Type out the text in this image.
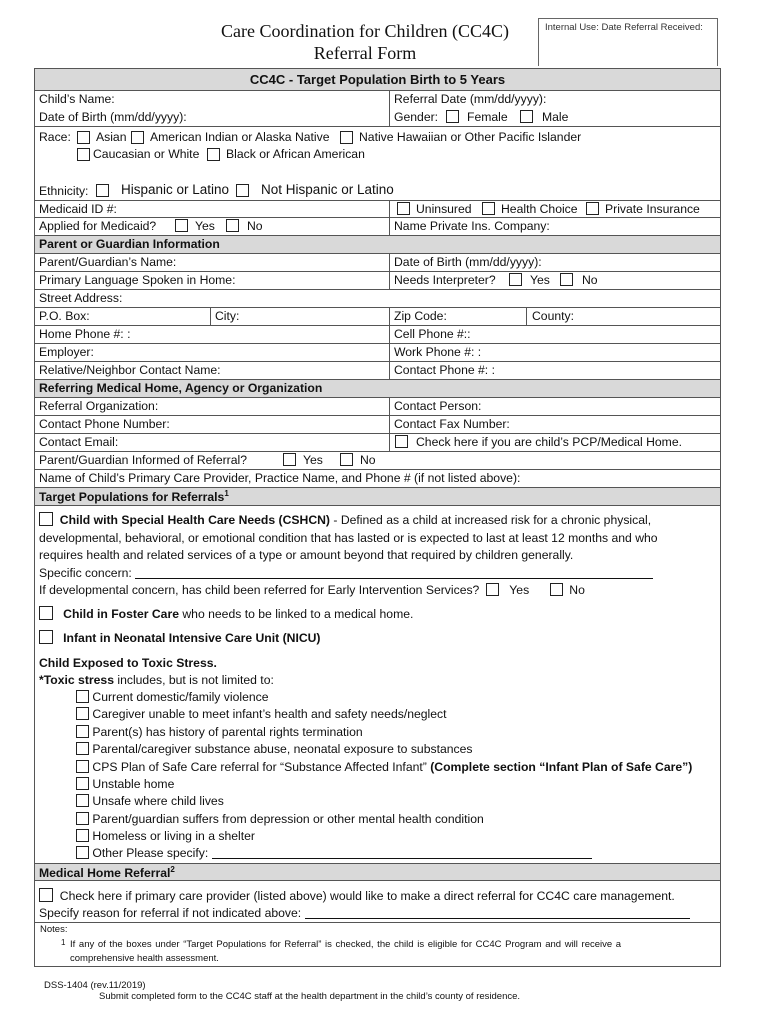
Care Coordination for Children (CC4C)
Referral Form
Internal Use: Date Referral Received:
CC4C - Target Population Birth to 5 Years
Child’s Name:	Referral Date (mm/dd/yyyy):
Date of Birth (mm/dd/yyyy):	Gender: Female	Male
Race: Asian American Indian or Alaska Native Native Hawaiian or Other Pacific Islander
Caucasian or White Black or African American
Ethnicity: Hispanic or Latino Not Hispanic or Latino
Medicaid ID #:	Uninsured Health Choice Private Insurance
Applied for Medicaid?	Yes	No	Name Private Ins. Company:
Parent or Guardian Information
Parent/Guardian’s Name:	Date of Birth (mm/dd/yyyy):
Primary Language Spoken in Home:	Needs Interpreter?	Yes	No
Street Address:
P.O. Box:	City:	Zip Code:	County:
Home Phone #: :	Cell Phone #::
Employer:	Work Phone #: :
Relative/Neighbor Contact Name:	Contact Phone #: :
Referring Medical Home, Agency or Organization
Referral Organization:	Contact Person:
Contact Phone Number:	Contact Fax Number:
Contact Email:	Check here if you are child’s PCP/Medical Home.
Parent/Guardian Informed of Referral?	Yes	No
Name of Child’s Primary Care Provider, Practice Name, and Phone # (if not listed above):
Target Populations for Referrals$^1$
Child with Special Health Care Needs (CSHCN) - Defined as a child at increased risk for a chronic physical,
developmental, behavioral, or emotional condition that has lasted or is expected to last at least 12 months and who
requires health and related services of a type or amount beyond that required by children generally.
Specific concern:
If developmental concern, has child been referred for Early Intervention Services? Yes	No
Child in Foster Care who needs to be linked to a medical home.
Infant in Neonatal Intensive Care Unit (NICU)
Child Exposed to Toxic Stress.
*Toxic stress includes, but is not limited to:
Current domestic/family violence
Caregiver unable to meet infant’s health and safety needs/neglect
Parent(s) has history of parental rights termination
Parental/caregiver substance abuse, neonatal exposure to substances
CPS Plan of Safe Care referral for “Substance Affected Infant” (Complete section “Infant Plan of Safe Care”)
Unstable home
Unsafe where child lives
Parent/guardian suffers from depression or other mental health condition
Homeless or living in a shelter
Other Please specify:
Medical Home Referral$^2$
Check here if primary care provider (listed above) would like to make a direct referral for CC4C care management.
Specify reason for referral if not indicated above:
Notes:
1 If any of the boxes under “Target Populations for Referral” is checked, the child is eligible for CC4C Program and will receive a
comprehensive health assessment.
DSS-1404 (rev.11/2019)
Submit completed form to the CC4C staff at the health department in the child’s county of residence.
